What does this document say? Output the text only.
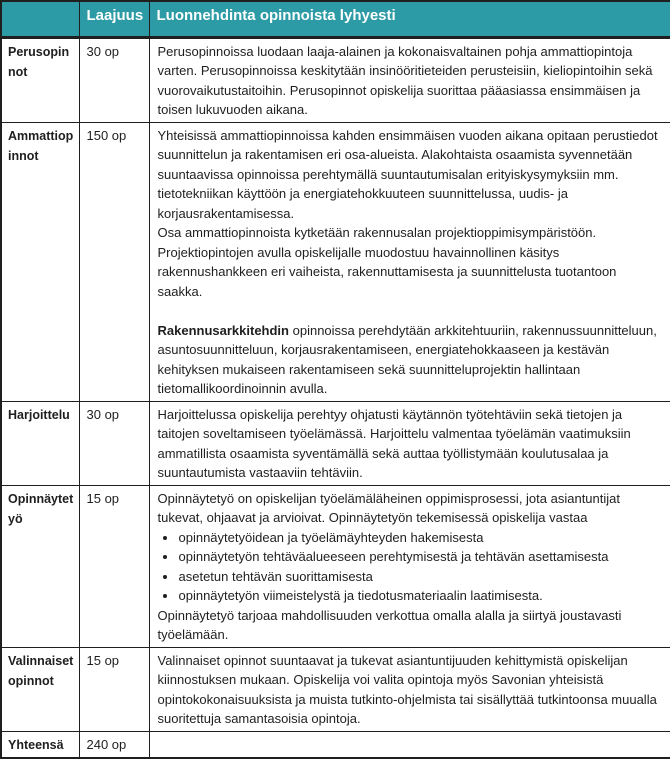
	Laajuus	Luonnehdinta opinnoista lyhyesti
Perusopinnot	30 op	Perusopinnoissa luodaan laaja-alainen ja kokonaisvaltainen pohja ammattiopintoja varten. Perusopinnoissa keskitytään insinööritieteiden perusteisiin, kieliopintoihin sekä vuorovaikutustaitoihin. Perusopinnot opiskelija suorittaa pääasiassa ensimmäisen ja toisen lukuvuoden aikana.

Ammattiopinnot	150 op	Yhteisissä ammattiopinnoissa kahden ensimmäisen vuoden aikana opitaan perustiedot suunnittelun ja rakentamisen eri osa-alueista. Alakohtaista osaamista syvennetään suuntaavissa opinnoissa perehtymällä suuntautumisalan erityiskysymyksiin mm. tietotekniikan käyttöön ja energiatehokkuuteen suunnittelussa, uudis- ja korjausrakentamisessa.

Osa ammattiopinnoista kytketään rakennusalan projektioppimisympäristöön. Projektiopintojen avulla opiskelijalle muodostuu havainnollinen käsitys rakennushankkeen eri vaiheista, rakennuttamisesta ja suunnittelusta tuotantoon saakka.

Rakennusarkkitehdin opinnoissa perehdytään arkkitehtuuriin, rakennussuunnitteluun, asuntosuunnitteluun, korjausrakentamiseen, energiatehokkaaseen ja kestävän kehityksen mukaiseen rakentamiseen sekä suunnitteluprojektin hallintaan tietomallikoordinoinnin avulla.

Harjoittelu	30 op	Harjoittelussa opiskelija perehtyy ohjatusti käytännön työtehtäviin sekä tietojen ja taitojen soveltamiseen työelämässä. Harjoittelu valmentaa työelämän vaatimuksiin ammatillista osaamista syventämällä sekä auttaa työllistymään koulutusalaa ja suuntautumista vastaaviin tehtäviin.

Opinnäytetyö	15 op	Opinnäytetyö on opiskelijan työelämäläheinen oppimisprosessi, jota asiantuntijat tukevat, ohjaavat ja arvioivat. Opinnäytetyön tekemisessä opiskelija vastaa

• opinnäytetyöidean ja työelämäyhteyden hakemisesta
• opinnäytetyön tehtäväalueeseen perehtymisestä ja tehtävän asettamisesta
• asetetun tehtävän suorittamisesta
• opinnäytetyön viimeistelystä ja tiedotusmateriaalin laatimisesta.

Opinnäytetyö tarjoaa mahdollisuuden verkottua omalla alalla ja siirtyä joustavasti työelämään.

Valinnaiset opinnot	15 op	Valinnaiset opinnot suuntaavat ja tukevat asiantuntijuuden kehittymistä opiskelijan kiinnostuksen mukaan. Opiskelija voi valita opintoja myös Savonian yhteisistä opintokokonaisuuksista ja muista tutkinto-ohjelmista tai sisällyttää tutkintoonsa muualla suoritettuja samantasoisia opintoja.

Yhteensä	240 op	
